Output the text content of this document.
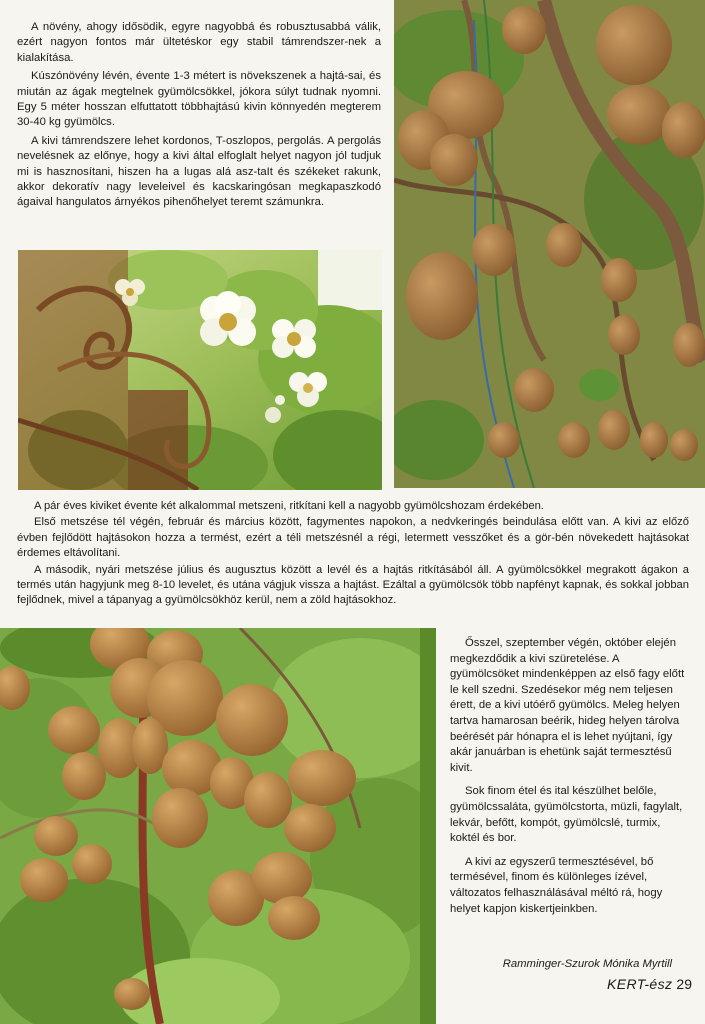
A növény, ahogy idősödik, egyre nagyobbá és robusztusabbá válik, ezért nagyon fontos már ültetéskor egy stabil támrendszer-nek a kialakítása.

Kúszónövény lévén, évente 1-3 métert is növekszenek a hajtá-sai, és miután az ágak megtelnek gyümölcsökkel, jókora súlyt tudnak nyomni. Egy 5 méter hosszan elfuttatott többhajtású kivin könnyedén megterem 30-40 kg gyümölcs.

A kivi támrendszere lehet kordonos, T-oszlopos, pergolás. A pergolás nevelésnek az előnye, hogy a kivi által elfoglalt helyet nagyon jól tudjuk mi is hasznosítani, hiszen ha a lugas alá asz-taIt és székeket rakunk, akkor dekoratív nagy leveleivel és kacskaringósan megkapaszkodó ágaival hangulatos árnyékos pihenőhelyet teremt számunkra.

A pár éves kiviket évente két alkalommal metszeni, ritkítani kell a nagyobb gyümölcshozam érdekében.

Első metszése tél végén, február és március között, fagymentes napokon, a nedvkeringés beindulása előtt van. A kivi az előző évben fejlődött hajtásokon hozza a termést, ezért a téli metszésnél a régi, letermett vesszőket és a gör-bén növekedett hajtásokat érdemes eltávolítani.

A második, nyári metszése július és augusztus között a levél és a hajtás ritkításából áll. A gyümölcsökkel megrakott ágakon a termés után hagyjunk meg 8-10 levelet, és utána vágjuk vissza a hajtást. Ezáltal a gyümölcsök több napfényt kapnak, és sokkal jobban fejlődnek, mivel a tápanyag a gyümölcsökhöz kerül, nem a zöld hajtásokhoz.

Ősszel, szeptember végén, október elején megkezdődik a kivi szüretelése. A gyümölcsöket mindenképpen az első fagy előtt le kell szedni. Szedésekor még nem teljesen érett, de a kivi utóérő gyümölcs. Meleg helyen tartva hamarosan beérik, hideg helyen tárolva beérését pár hónapra el is lehet nyújtani, így akár januárban is ehetünk saját termesztésű kivit.

Sok finom étel és ital készülhet belőle, gyümölcssaláta, gyümölcstorta, müzli, fagylalt, lekvár, befőtt, kompót, gyümölcslé, turmix, koktél és bor.

A kivi az egyszerű termesztésével, bő termésével, finom és különleges ízével, változatos felhasználásával méltó rá, hogy helyet kapjon kiskertjeinkben.

Ramminger-Szurok Mónika Myrtill
KERT-ész 29
